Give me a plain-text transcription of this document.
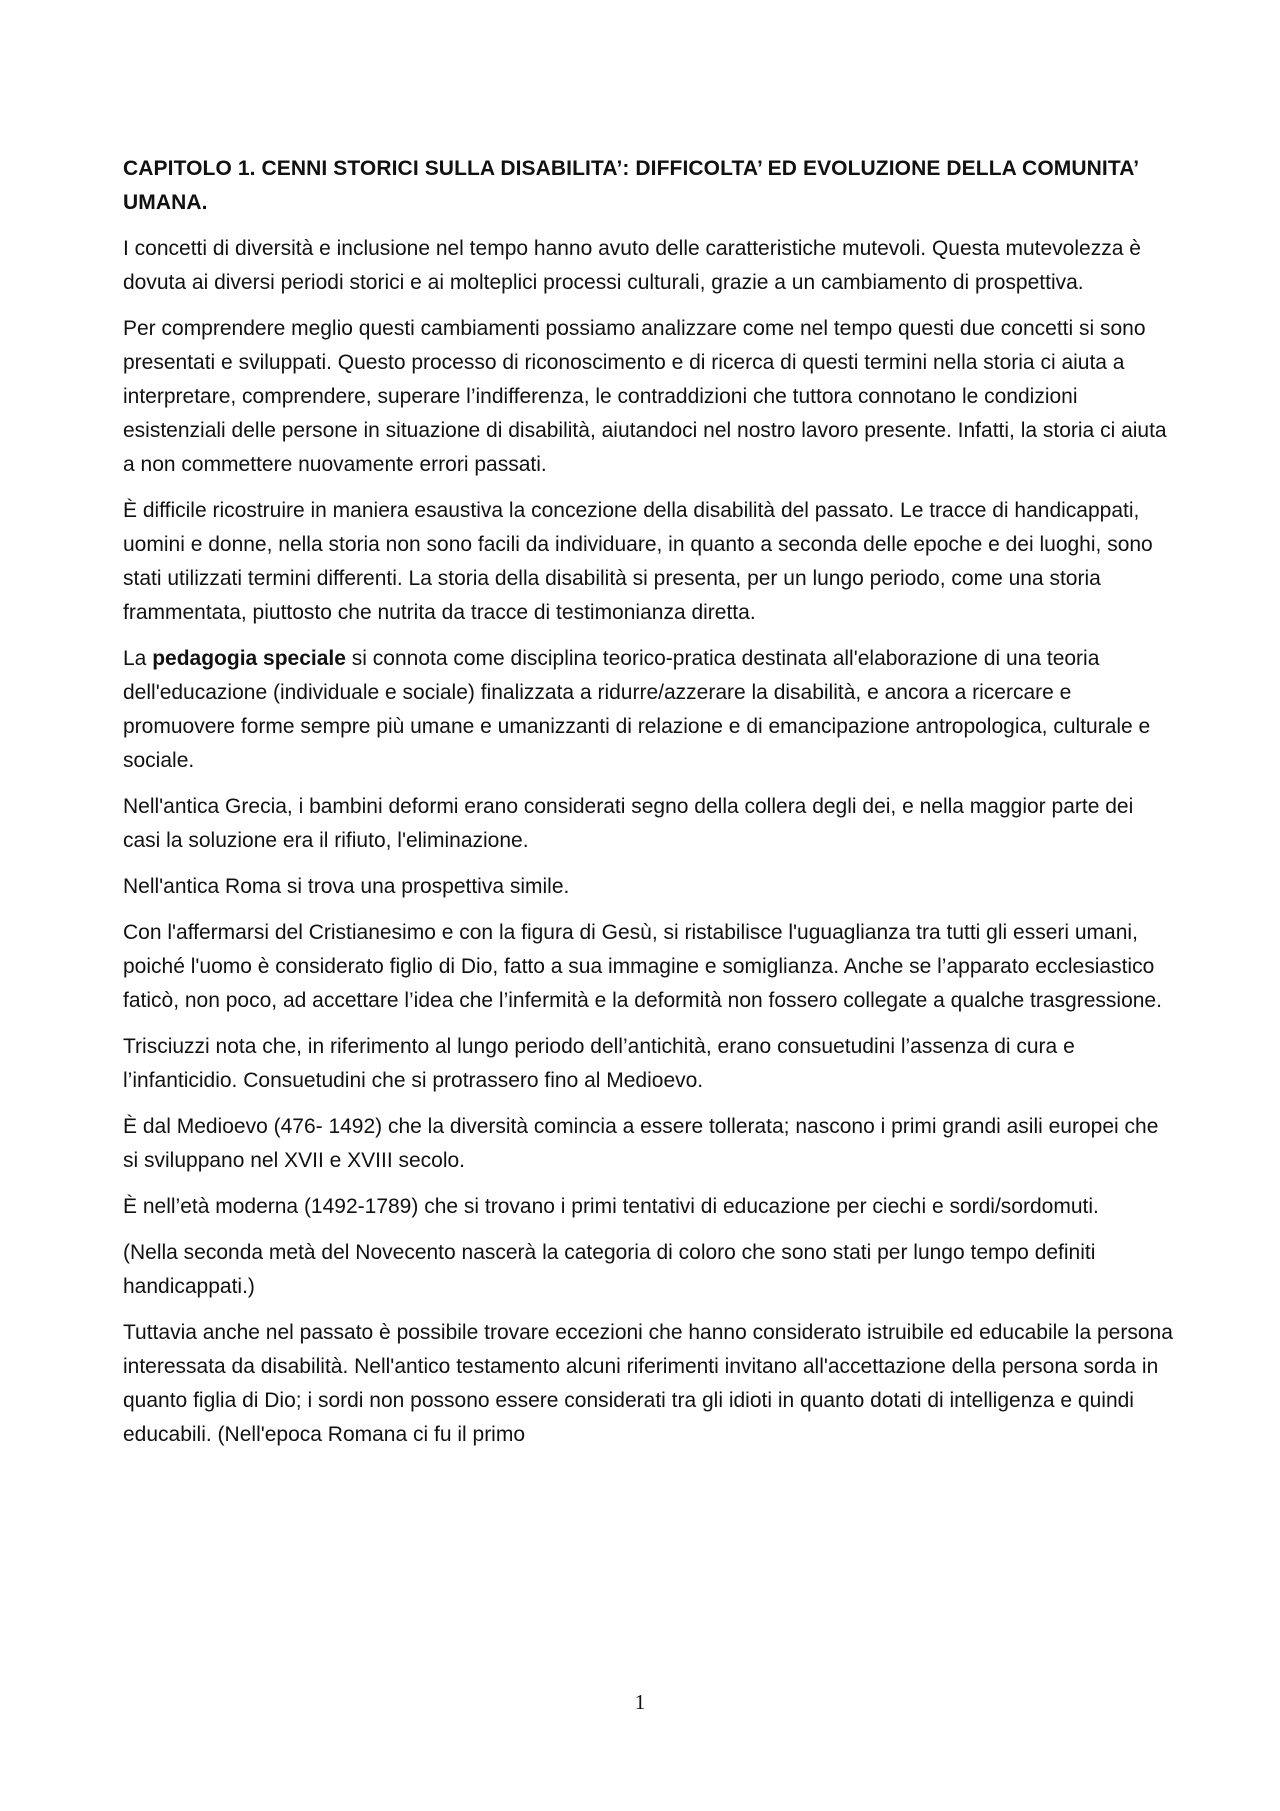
CAPITOLO 1. CENNI STORICI SULLA DISABILITA’: DIFFICOLTA’ ED EVOLUZIONE DELLA COMUNITA’ UMANA.
I concetti di diversità e inclusione nel tempo hanno avuto delle caratteristiche mutevoli. Questa mutevolezza è dovuta ai diversi periodi storici e ai molteplici processi culturali, grazie a un cambiamento di prospettiva.
Per comprendere meglio questi cambiamenti possiamo analizzare come nel tempo questi due concetti si sono presentati e sviluppati. Questo processo di riconoscimento e di ricerca di questi termini nella storia ci aiuta a interpretare, comprendere, superare l’indifferenza, le contraddizioni che tuttora connotano le condizioni esistenziali delle persone in situazione di disabilità, aiutandoci nel nostro lavoro presente. Infatti, la storia ci aiuta a non commettere nuovamente errori passati.
È difficile ricostruire in maniera esaustiva la concezione della disabilità del passato. Le tracce di handicappati, uomini e donne, nella storia non sono facili da individuare, in quanto a seconda delle epoche e dei luoghi, sono stati utilizzati termini differenti. La storia della disabilità si presenta, per un lungo periodo, come una storia frammentata, piuttosto che nutrita da tracce di testimonianza diretta.
La pedagogia speciale si connota come disciplina teorico-pratica destinata all'elaborazione di una teoria dell'educazione (individuale e sociale) finalizzata a ridurre/azzerare la disabilità, e ancora a ricercare e promuovere forme sempre più umane e umanizzanti di relazione e di emancipazione antropologica, culturale e sociale.
Nell'antica Grecia, i bambini deformi erano considerati segno della collera degli dei, e nella maggior parte dei casi la soluzione era il rifiuto, l'eliminazione.
Nell'antica Roma si trova una prospettiva simile.
Con l'affermarsi del Cristianesimo e con la figura di Gesù, si ristabilisce l'uguaglianza tra tutti gli esseri umani, poiché l'uomo è considerato figlio di Dio, fatto a sua immagine e somiglianza. Anche se l’apparato ecclesiastico faticò, non poco, ad accettare l’idea che l’infermità e la deformità non fossero collegate a qualche trasgressione.
Trisciuzzi nota che, in riferimento al lungo periodo dell’antichità, erano consuetudini l’assenza di cura e l’infanticidio. Consuetudini che si protrassero fino al Medioevo.
È dal Medioevo (476- 1492) che la diversità comincia a essere tollerata; nascono i primi grandi asili europei che si sviluppano nel XVII e XVIII secolo.
È nell’età moderna (1492-1789) che si trovano i primi tentativi di educazione per ciechi e sordi/sordomuti.
(Nella seconda metà del Novecento nascerà la categoria di coloro che sono stati per lungo tempo definiti handicappati.)
Tuttavia anche nel passato è possibile trovare eccezioni che hanno considerato istruibile ed educabile la persona interessata da disabilità. Nell'antico testamento alcuni riferimenti invitano all'accettazione della persona sorda in quanto figlia di Dio; i sordi non possono essere considerati tra gli idioti in quanto dotati di intelligenza e quindi educabili. (Nell'epoca Romana ci fu il primo
1
